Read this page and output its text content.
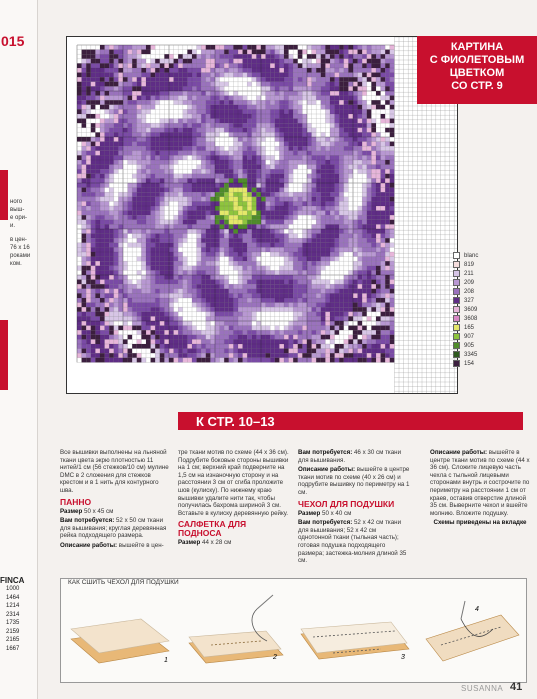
015
ного
выш-
е ори-
и.
в цен-
76 x 16
роками
ком.
FINCA
1000
1464
1214
2314
1735
2159
2165
1667
КАРТИНА
С ФИОЛЕТОВЫМ
ЦВЕТКОМ
СО СТР. 9
blanc
819
211
209
208
327
3609
3608
165
907
905
3345
154
К СТР. 10–13

Все вышивки выполнены на льняной ткани цвета экрю плотностью 11 нитей/1 см (56 стежков/10 см) мулине DMC в 2 сложения для стежков крестом и в 1 нить для контурного шва.

ПАННО

Размер 50 x 45 см

Вам потребуется: 52 x 50 см ткани для вышивания; круглая деревянная рейка подходящего размера.

Описание работы: вышейте в цен-

тре ткани мотив по схеме (44 x 36 см). Подрубите боковые стороны вышивки на 1 см; верхний край подверните на 1,5 см на изнаночную сторону и на расстоянии 3 см от сгиба проложите шов (кулиску). По нижнему краю вышивки удалите нити так, чтобы получилась бахрома шириной 3 см. Вставьте в кулиску деревянную рейку.

САЛФЕТКА ДЛЯ ПОДНОСА

Размер 44 x 28 см

Вам потребуется: 46 x 30 см ткани для вышивания.

Описание работы: вышейте в центре ткани мотив по схеме (40 x 26 см) и подрубите вышивку по периметру на 1 см.

ЧЕХОЛ ДЛЯ ПОДУШКИ

Размер 50 x 40 см

Вам потребуется: 52 x 42 см ткани для вышивания; 52 x 42 см однотонной ткани (тыльная часть); готовая подушка подходящего размера; застежка-молния длиной 35 см.

Описание работы: вышейте в центре ткани мотив по схеме (44 x 36 см). Сложите лицевую часть чехла с тыльной лицевыми сторонами внутрь и сострочите по периметру на расстоянии 1 см от краев, оставив отверстие длиной 35 см. Выверните чехол и вшейте молнию. Вложите подушку.

Схемы приведены на вкладке

1	2	3
4
КАК СШИТЬ ЧЕХОЛ ДЛЯ ПОДУШКИ
SUSANNA 41
